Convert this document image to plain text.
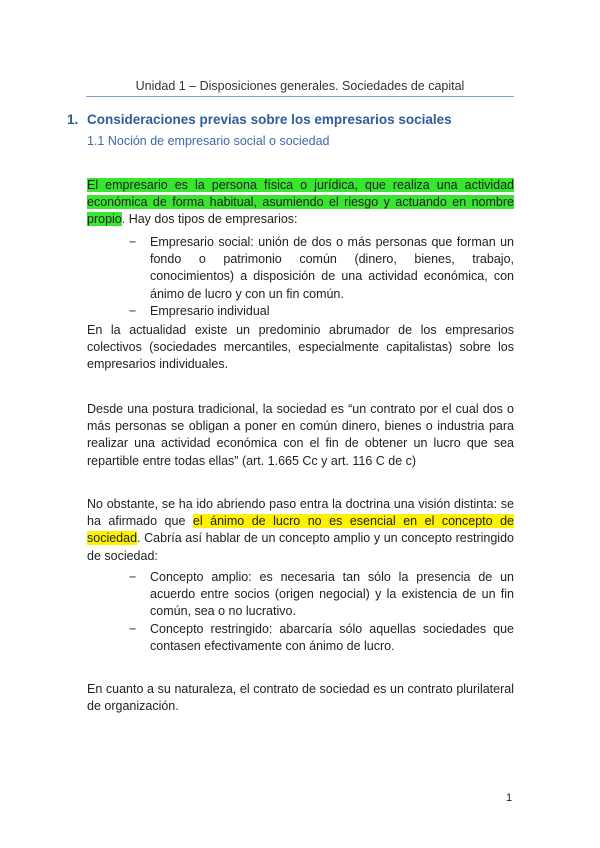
Unidad 1 – Disposiciones generales. Sociedades de capital
1. Consideraciones previas sobre los empresarios sociales
1.1 Noción de empresario social o sociedad
El empresario es la persona física o jurídica, que realiza una actividad económica de forma habitual, asumiendo el riesgo y actuando en nombre propio. Hay dos tipos de empresarios:
− Empresario social: unión de dos o más personas que forman un fondo o patrimonio común (dinero, bienes, trabajo, conocimientos) a disposición de una actividad económica, con ánimo de lucro y con un fin común.
− Empresario individual
En la actualidad existe un predominio abrumador de los empresarios colectivos (sociedades mercantiles, especialmente capitalistas) sobre los empresarios individuales.
Desde una postura tradicional, la sociedad es “un contrato por el cual dos o más personas se obligan a poner en común dinero, bienes o industria para realizar una actividad económica con el fin de obtener un lucro que sea repartible entre todas ellas” (art. 1.665 Cc y art. 116 C de c)
No obstante, se ha ido abriendo paso entra la doctrina una visión distinta: se ha afirmado que el ánimo de lucro no es esencial en el concepto de sociedad. Cabría así hablar de un concepto amplio y un concepto restringido de sociedad:
− Concepto amplio: es necesaria tan sólo la presencia de un acuerdo entre socios (origen negocial) y la existencia de un fin común, sea o no lucrativo.
− Concepto restringido: abarcaría sólo aquellas sociedades que contasen efectivamente con ánimo de lucro.
En cuanto a su naturaleza, el contrato de sociedad es un contrato plurilateral de organización.
1
